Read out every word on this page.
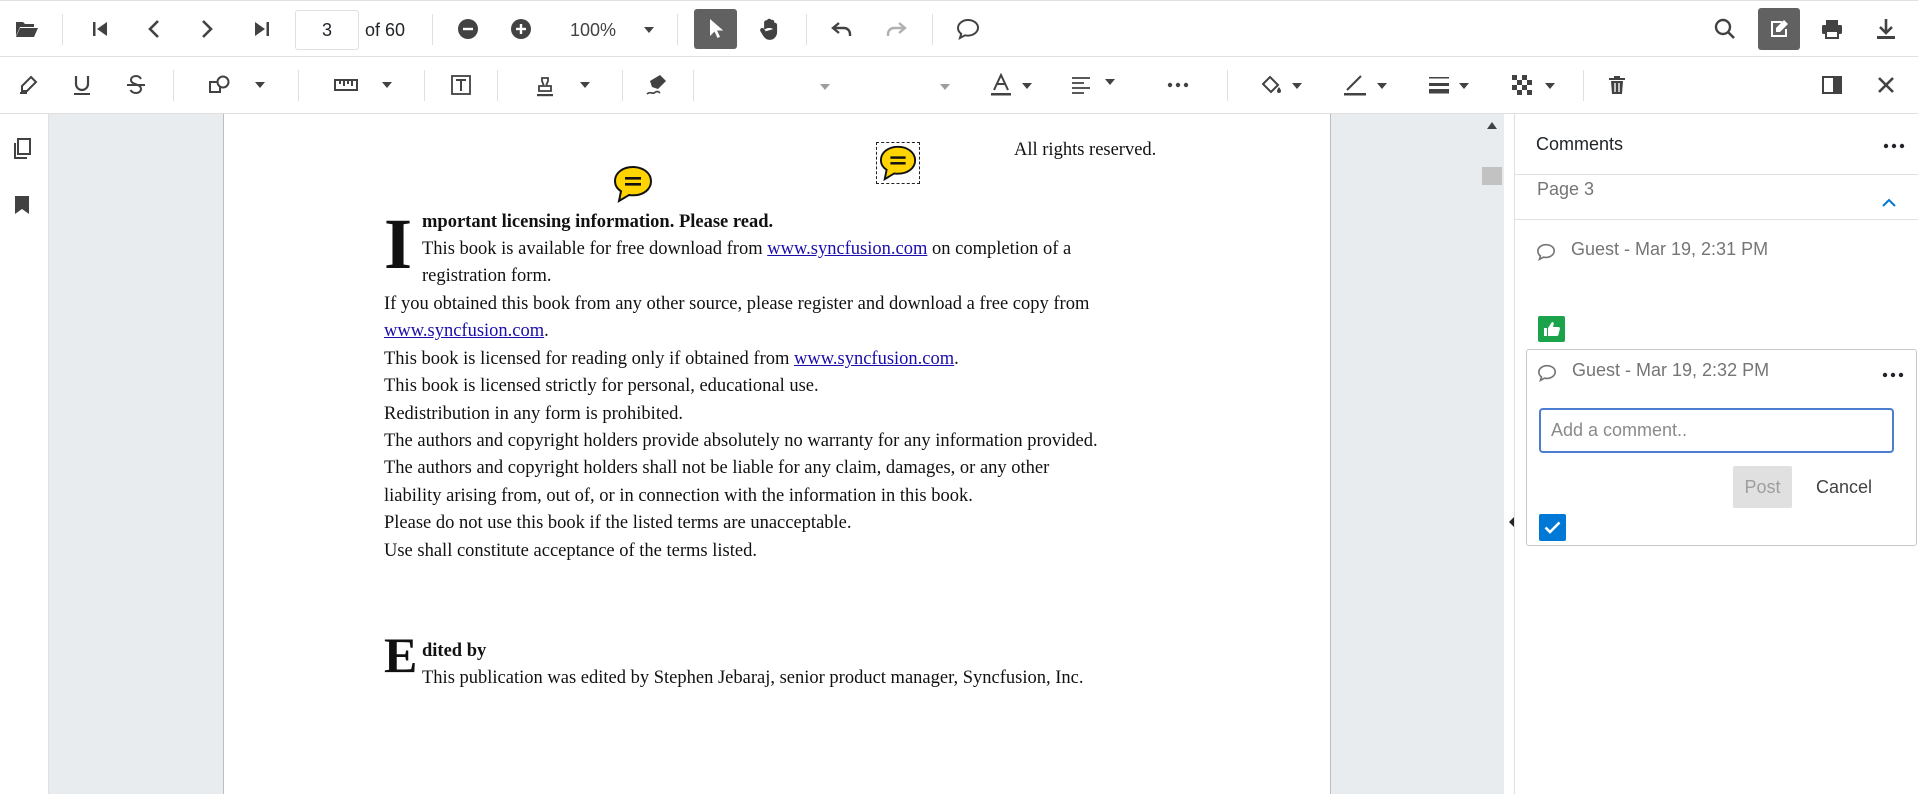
3
of 60	100%
All rights reserved.
I mportant licensing information. Please read.
This book is available for free download from www.syncfusion.com on completion of a
registration form.
If you obtained this book from any other source, please register and download a free copy from
www.syncfusion.com.
This book is licensed for reading only if obtained from www.syncfusion.com.
This book is licensed strictly for personal, educational use.
Redistribution in any form is prohibited.
The authors and copyright holders provide absolutely no warranty for any information provided.
The authors and copyright holders shall not be liable for any claim, damages, or any other
liability arising from, out of, or in connection with the information in this book.
Please do not use this book if the listed terms are unacceptable.
Use shall constitute acceptance of the terms listed.
E dited by
This publication was edited by Stephen Jebaraj, senior product manager, Syncfusion, Inc.
Comments
Page 3
Guest - Mar 19, 2:31 PM
Guest - Mar 19, 2:32 PM
Add a comment..
Post	Cancel
